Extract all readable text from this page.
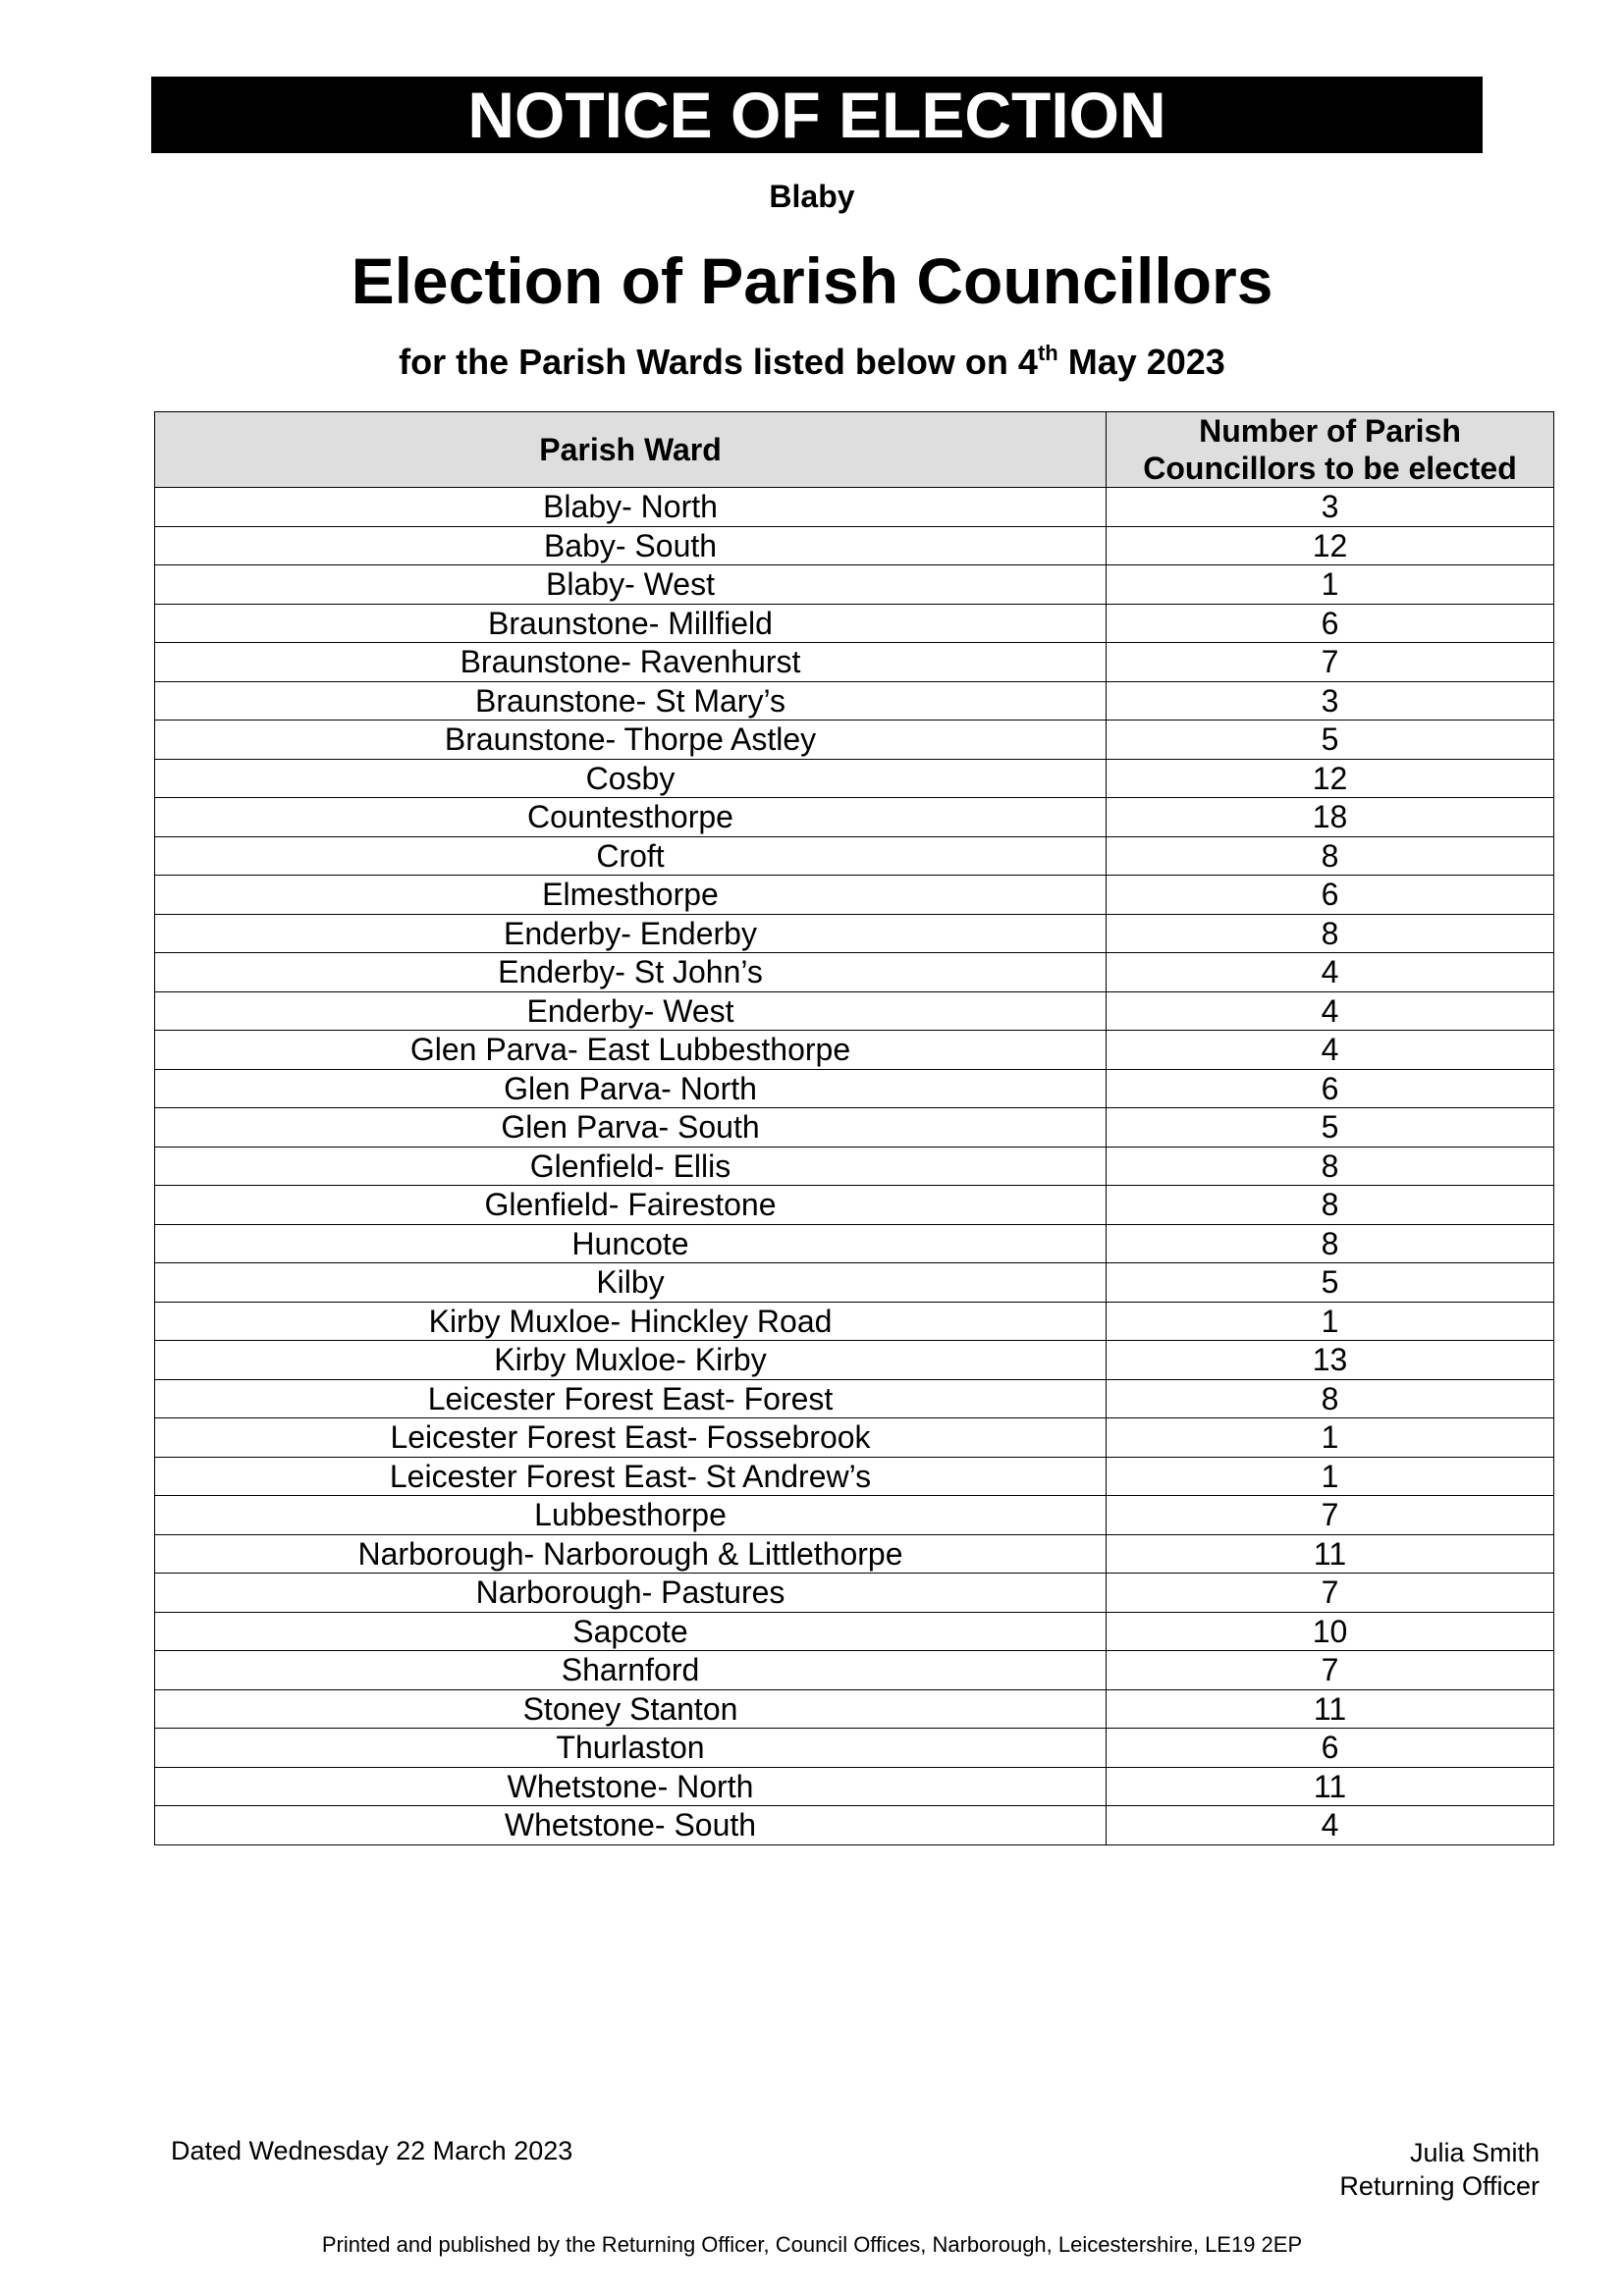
NOTICE OF ELECTION
Blaby
Election of Parish Councillors
for the Parish Wards listed below on 4th May 2023
Parish Ward	Number of Parish
Councillors to be elected
Blaby- North	3
Baby- South	12
Blaby- West	1
Braunstone- Millfield	6
Braunstone- Ravenhurst	7
Braunstone- St Mary’s	3
Braunstone- Thorpe Astley	5
Cosby	12
Countesthorpe	18
Croft	8
Elmesthorpe	6
Enderby- Enderby	8
Enderby- St John’s	4
Enderby- West	4
Glen Parva- East Lubbesthorpe	4
Glen Parva- North	6
Glen Parva- South	5
Glenfield- Ellis	8
Glenfield- Fairestone	8
Huncote	8
Kilby	5
Kirby Muxloe- Hinckley Road	1
Kirby Muxloe- Kirby	13
Leicester Forest East- Forest	8
Leicester Forest East- Fossebrook	1
Leicester Forest East- St Andrew’s	1
Lubbesthorpe	7
Narborough- Narborough & Littlethorpe	11
Narborough- Pastures	7
Sapcote	10
Sharnford	7
Stoney Stanton	11
Thurlaston	6
Whetstone- North	11
Whetstone- South	4
Dated Wednesday 22 March 2023	Julia Smith
Returning Officer
Printed and published by the Returning Officer, Council Offices, Narborough, Leicestershire, LE19 2EP
